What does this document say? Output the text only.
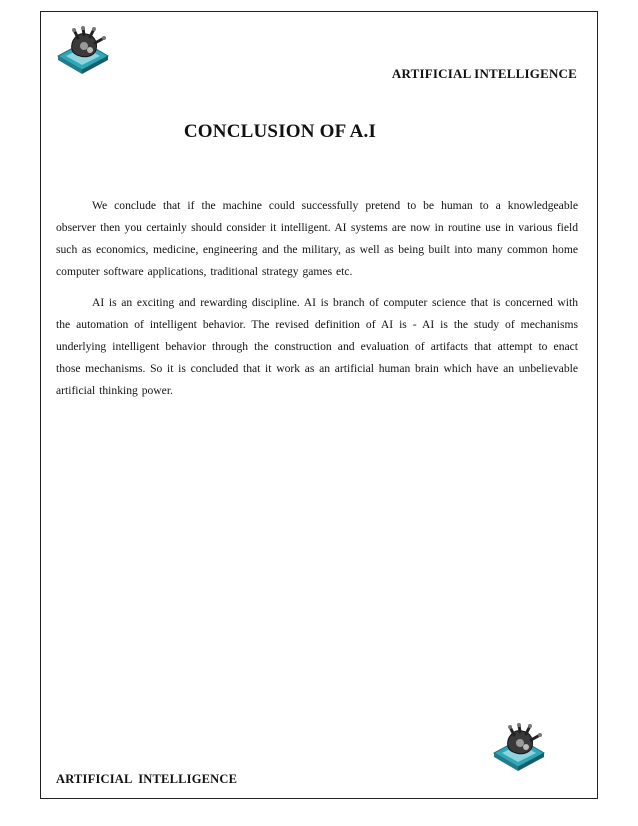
ARTIFICIAL INTELLIGENCE
CONCLUSION OF A.I

We conclude that if the machine could successfully pretend to be human to a knowledgeable observer then you certainly should consider it intelligent. AI systems are now in routine use in various field such as economics, medicine, engineering and the military, as well as being built into many common home computer software applications, traditional strategy games etc.

AI is an exciting and rewarding discipline. AI is branch of computer science that is concerned with the automation of intelligent behavior. The revised definition of AI is - AI is the study of mechanisms underlying intelligent behavior through the construction and evaluation of artifacts that attempt to enact those mechanisms. So it is concluded that it work as an artificial human brain which have an unbelievable artificial thinking power.

ARTIFICIAL INTELLIGENCE
